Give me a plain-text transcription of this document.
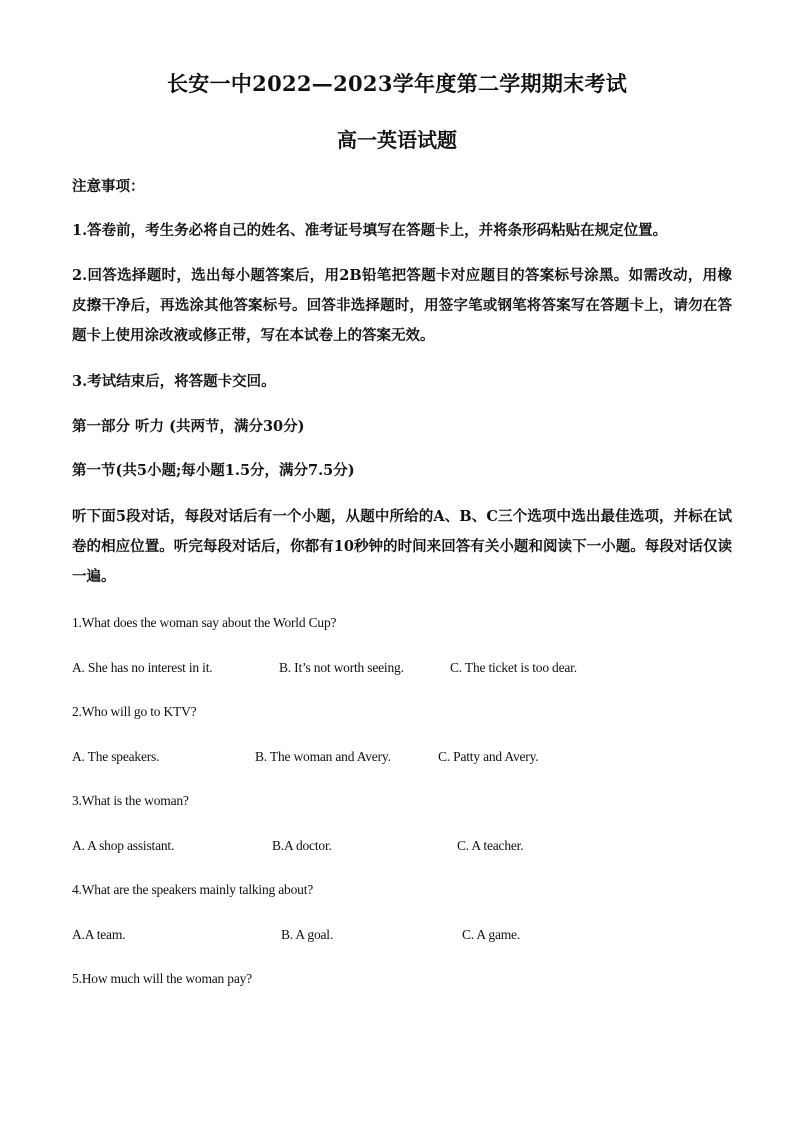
长安一中2022—2023学年度第二学期期末考试
高一英语试题
注意事项：
1.答卷前，考生务必将自己的姓名、准考证号填写在答题卡上，并将条形码粘贴在规定位置。
2.回答选择题时，选出每小题答案后，用2B铅笔把答题卡对应题目的答案标号涂黑。如需改动，用橡皮擦干净后，再选涂其他答案标号。回答非选择题时，用签字笔或钢笔将答案写在答题卡上，请勿在答题卡上使用涂改液或修正带，写在本试卷上的答案无效。
3.考试结束后，将答题卡交回。
第一部分 听力 (共两节，满分30分)
第一节(共5小题;每小题1.5分，满分7.5分)
听下面5段对话，每段对话后有一个小题，从题中所给的A、B、C三个选项中选出最佳选项，并标在试卷的相应位置。听完每段对话后，你都有10秒钟的时间来回答有关小题和阅读下一小题。每段对话仅读一遍。
1.What does the woman say about the World Cup?
A. She has no interest in it.	B. It’s not worth seeing.	C. The ticket is too dear.
2.Who will go to KTV?
A. The speakers.	B. The woman and Avery.	C. Patty and Avery.
3.What is the woman?
A. A shop assistant.	B.A doctor.	C. A teacher.
4.What are the speakers mainly talking about?
A.A team.	B. A goal.	C. A game.
5.How much will the woman pay?
